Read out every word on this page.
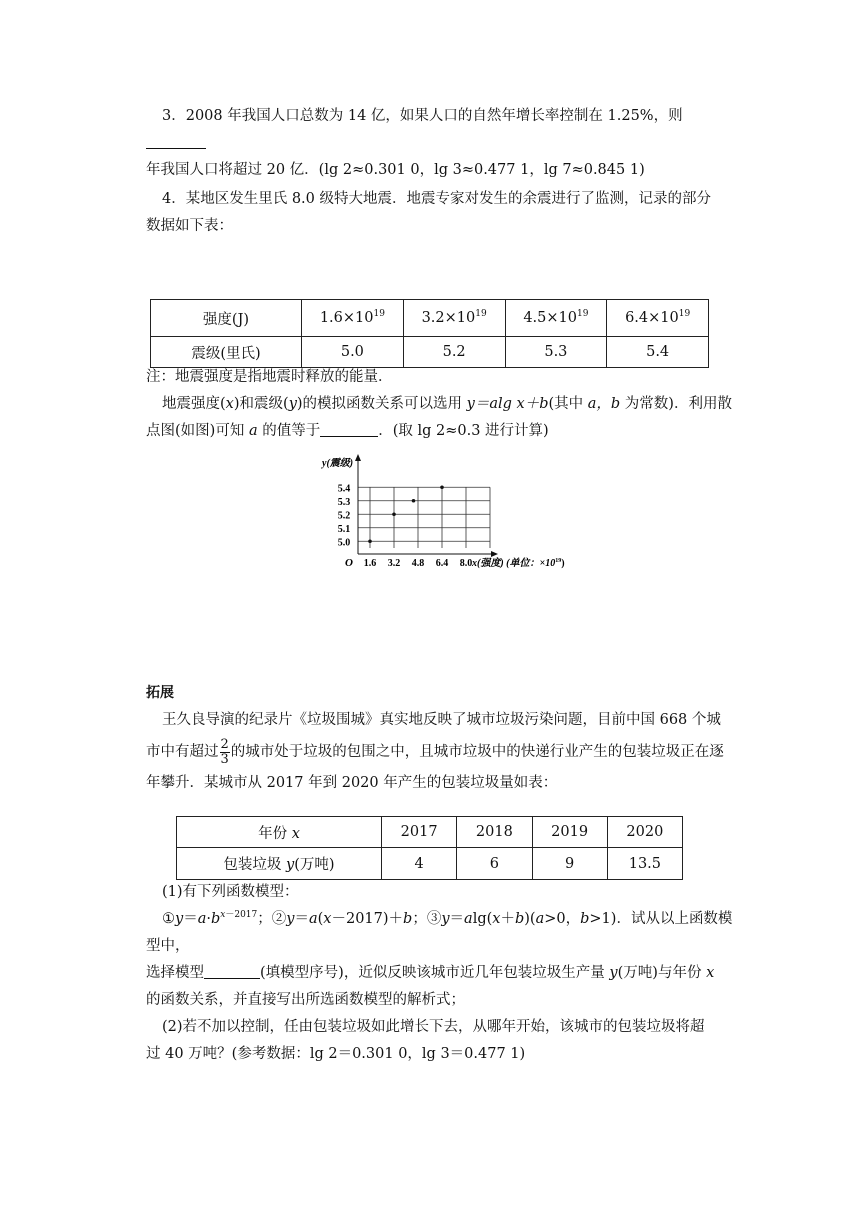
3．2008 年我国人口总数为 14 亿，如果人口的自然年增长率控制在 1.25%，则

年我国人口将超过 20 亿．(lg 2≈0.301 0，lg 3≈0.477 1，lg 7≈0.845 1)

4．某地区发生里氏 8.0 级特大地震．地震专家对发生的余震进行了监测，记录的部分

数据如下表：

强度(J)	$1.6\times 10^{19}$	$3.2\times 10^{19}$	$4.5\times 10^{19}$	$6.4\times 10^{19}$
震级(里氏)	5.0	5.2	5.3	5.4

注：地震强度是指地震时释放的能量．

地震强度(x)和震级(y)的模拟函数关系可以选用 y＝alg x＋b(其中 a，b 为常数)．利用散

点图(如图)可知 a 的值等于	．(取 lg 2≈0.3 进行计算)

1.6 3.2 4.8 6.4 8.0
5.0
5.1
5.2
5.3
5.4
y(震级)
O	x(强度) (单位：$\times 10^{19}$)

拓展

王久良导演的纪录片《垃圾围城》真实地反映了城市垃圾污染问题，目前中国 668 个城

市中有超过 $\frac{2}{3}$ 的城市处于垃圾的包围之中，且城市垃圾中的快递行业产生的包装垃圾正在逐

年攀升．某城市从 2017 年到 2020 年产生的包装垃圾量如表：

年份 x	2017	2018	2019	2020
包装垃圾 y(万吨)	4	6	9	13.5

(1)有下列函数模型：

$①y=a\cdot b^{x-2017}$；②y＝a(x－2017)＋b；③y＝alg(x＋b)(a>0，b>1)．试从以上函数模型中，

选择模型	(填模型序号)，近似反映该城市近几年包装垃圾生产量 y(万吨)与年份 x

的函数关系，并直接写出所选函数模型的解析式；

(2)若不加以控制，任由包装垃圾如此增长下去，从哪年开始，该城市的包装垃圾将超

过 40 万吨？(参考数据：lg 2＝0.301 0，lg 3＝0.477 1)
